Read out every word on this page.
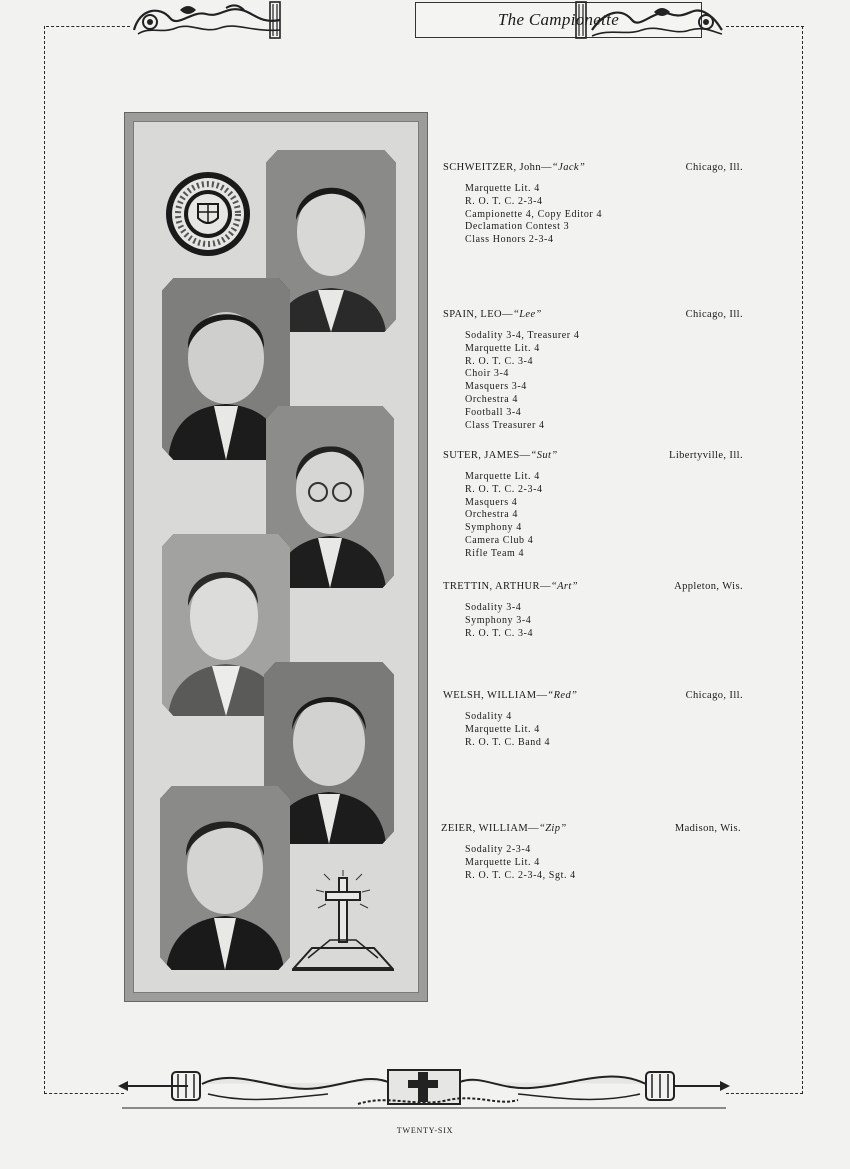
The Campionette
SCHWEITZER, John—“Jack”	Chicago, Ill.
Marquette Lit. 4
R. O. T. C. 2-3-4
Campionette 4, Copy Editor 4
Declamation Contest 3
Class Honors 2-3-4
SPAIN, LEO—“Lee”	Chicago, Ill.
Sodality 3-4, Treasurer 4
Marquette Lit. 4
R. O. T. C. 3-4
Choir 3-4
Masquers 3-4
Orchestra 4
Football 3-4
Class Treasurer 4
SUTER, JAMES—“Sut”	Libertyville, Ill.
Marquette Lit. 4
R. O. T. C. 2-3-4
Masquers 4
Orchestra 4
Symphony 4
Camera Club 4
Rifle Team 4
TRETTIN, ARTHUR—“Art”	Appleton, Wis.
Sodality 3-4
Symphony 3-4
R. O. T. C. 3-4
WELSH, WILLIAM—“Red”	Chicago, Ill.
Sodality 4
Marquette Lit. 4
R. O. T. C. Band 4
ZEIER, WILLIAM—“Zip”	Madison, Wis.
Sodality 2-3-4
Marquette Lit. 4
R. O. T. C. 2-3-4, Sgt. 4
TWENTY-SIX
